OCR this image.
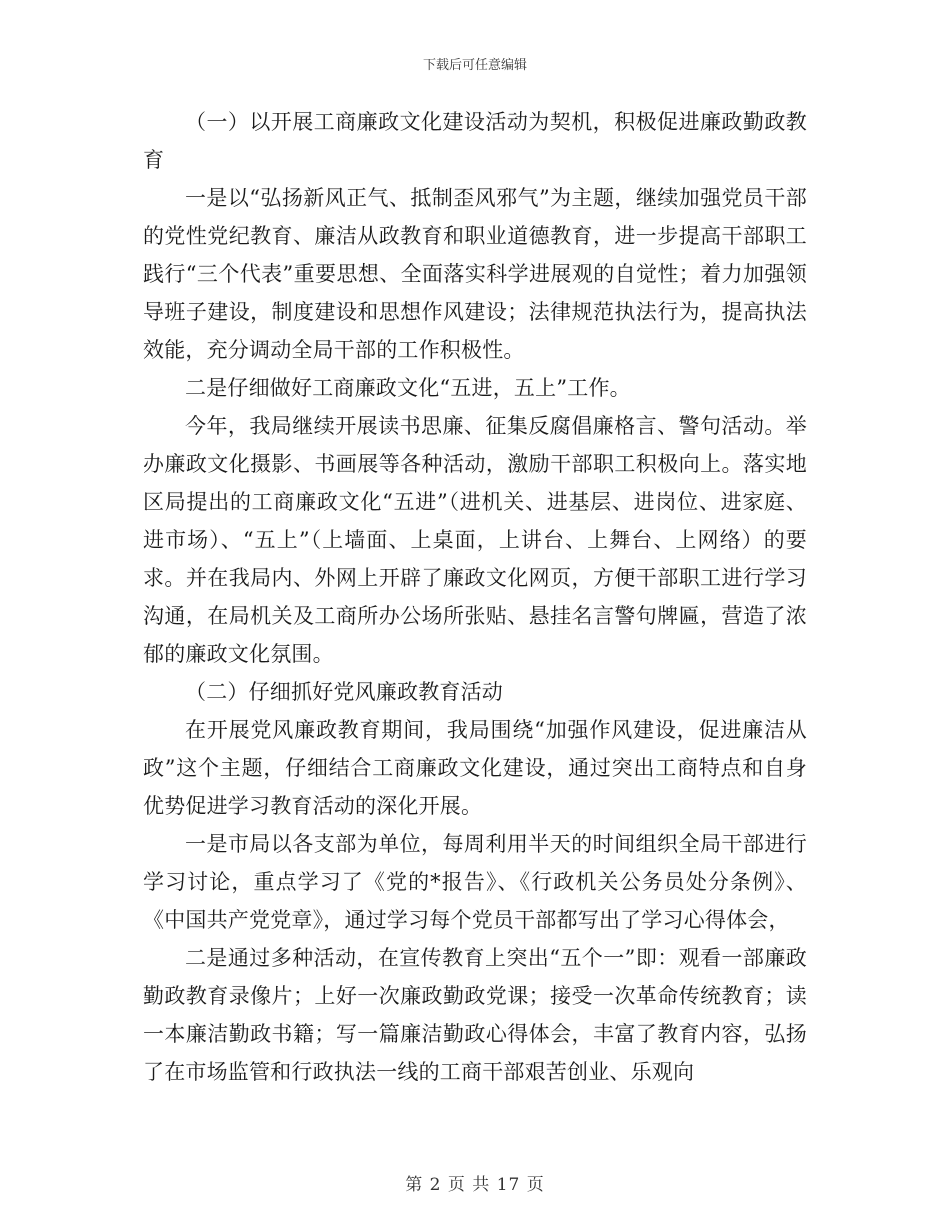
下载后可任意编辑

（一）以开展工商廉政文化建设活动为契机，积极促进廉政勤政教育

一是以“弘扬新风正气、抵制歪风邪气”为主题，继续加强党员干部的党性党纪教育、廉洁从政教育和职业道德教育，进一步提高干部职工践行“三个代表”重要思想、全面落实科学进展观的自觉性；着力加强领导班子建设，制度建设和思想作风建设；法律规范执法行为，提高执法效能，充分调动全局干部的工作积极性。

二是仔细做好工商廉政文化“五进，五上”工作。

今年，我局继续开展读书思廉、征集反腐倡廉格言、警句活动。举办廉政文化摄影、书画展等各种活动，激励干部职工积极向上。落实地区局提出的工商廉政文化“五进”（进机关、进基层、进岗位、进家庭、进市场）、“五上”（上墙面、上桌面，上讲台、上舞台、上网络）的要求。并在我局内、外网上开辟了廉政文化网页，方便干部职工进行学习沟通，在局机关及工商所办公场所张贴、悬挂名言警句牌匾，营造了浓郁的廉政文化氛围。

（二）仔细抓好党风廉政教育活动

在开展党风廉政教育期间，我局围绕“加强作风建设，促进廉洁从政”这个主题，仔细结合工商廉政文化建设，通过突出工商特点和自身优势促进学习教育活动的深化开展。

一是市局以各支部为单位，每周利用半天的时间组织全局干部进行学习讨论，重点学习了《党的*报告》、《行政机关公务员处分条例》、《中国共产党党章》，通过学习每个党员干部都写出了学习心得体会，

二是通过多种活动，在宣传教育上突出“五个一”即：观看一部廉政勤政教育录像片；上好一次廉政勤政党课；接受一次革命传统教育；读一本廉洁勤政书籍；写一篇廉洁勤政心得体会，丰富了教育内容，弘扬了在市场监管和行政执法一线的工商干部艰苦创业、乐观向

第 2 页 共 17 页
